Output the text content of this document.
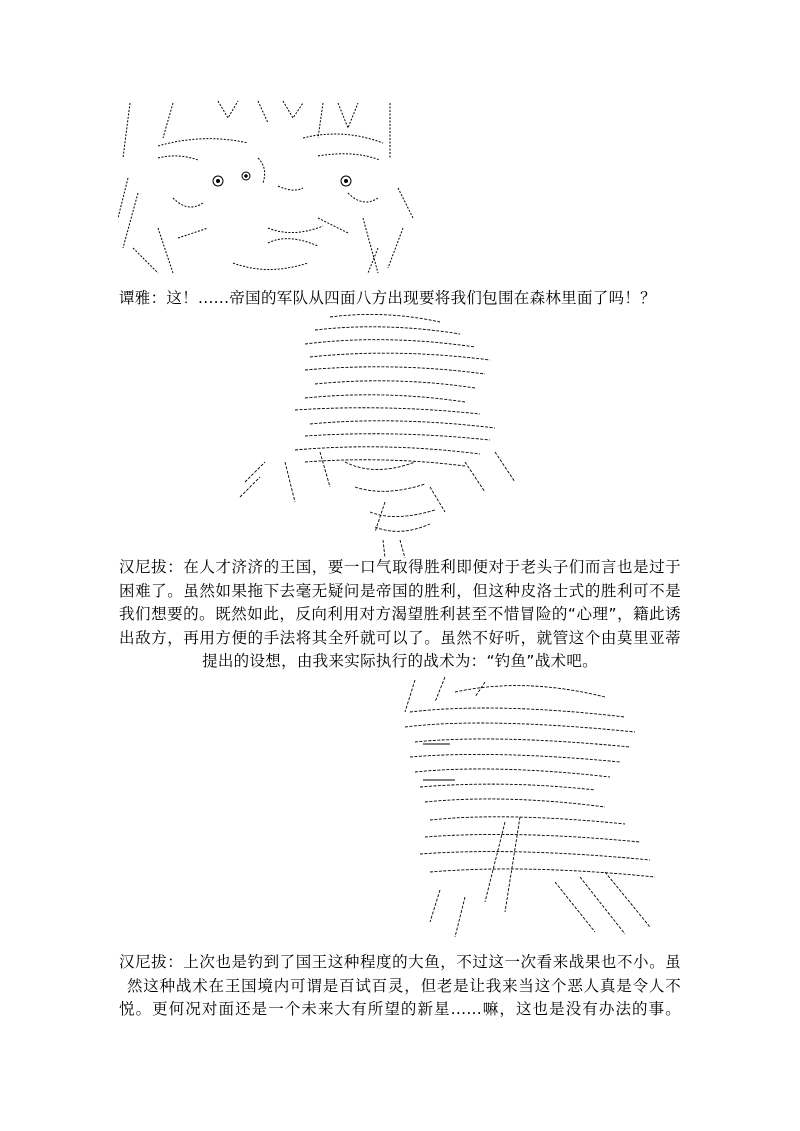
谭雅：这！......帝国的军队从四面八方出现要将我们包围在森林里面了吗！？

汉尼拔：在人才济济的王国，要一口气取得胜利即便对于老头子们而言也是过于
困难了。虽然如果拖下去毫无疑问是帝国的胜利，但这种皮洛士式的胜利可不是
我们想要的。既然如此，反向利用对方渴望胜利甚至不惜冒险的“心理”，籍此诱
出敌方，再用方便的手法将其全歼就可以了。虽然不好听，就管这个由莫里亚蒂
提出的设想，由我来实际执行的战术为：“钓鱼”战术吧。

汉尼拔：上次也是钓到了国王这种程度的大鱼，不过这一次看来战果也不小。虽
然这种战术在王国境内可谓是百试百灵，但老是让我来当这个恶人真是令人不
悦。更何况对面还是一个未来大有所望的新星......嘛，这也是没有办法的事。
